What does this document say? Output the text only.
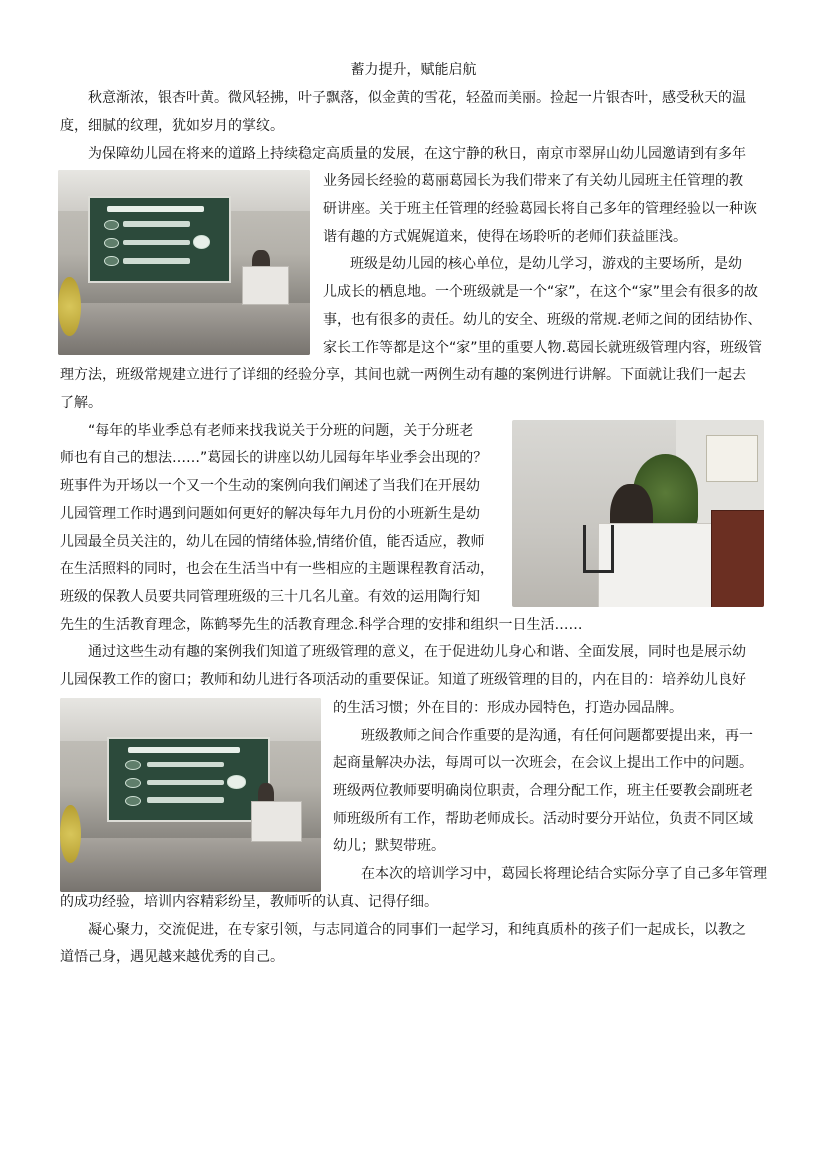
蓄力提升，赋能启航
秋意渐浓，银杏叶黄。微风轻拂，叶子飘落，似金黄的雪花，轻盈而美丽。捡起一片银杏叶，感受秋天的温
度，细腻的纹理，犹如岁月的掌纹。
为保障幼儿园在将来的道路上持续稳定高质量的发展，在这宁静的秋日，南京市翠屏山幼儿园邀请到有多年
业务园长经验的葛丽葛园长为我们带来了有关幼儿园班主任管理的教
研讲座。关于班主任管理的经验葛园长将自己多年的管理经验以一种诙
谐有趣的方式娓娓道来，使得在场聆听的老师们获益匪浅。
班级是幼儿园的核心单位，是幼儿学习，游戏的主要场所，是幼
儿成长的栖息地。一个班级就是一个“家”，在这个“家”里会有很多的故
事，也有很多的责任。幼儿的安全、班级的常规.老师之间的团结协作、
家长工作等都是这个“家”里的重要人物.葛园长就班级管理内容，班级管
理方法，班级常规建立进行了详细的经验分享，其间也就一两例生动有趣的案例进行讲解。下面就让我们一起去
了解。
“每年的毕业季总有老师来找我说关于分班的问题，关于分班老
师也有自己的想法……”葛园长的讲座以幼儿园每年毕业季会出现的？
班事件为开场以一个又一个生动的案例向我们阐述了当我们在开展幼
儿园管理工作时遇到问题如何更好的解决每年九月份的小班新生是幼
儿园最全员关注的，幼儿在园的情绪体验,情绪价值，能否适应，教师
在生活照料的同时，也会在生活当中有一些相应的主题课程教育活动，
班级的保教人员要共同管理班级的三十几名儿童。有效的运用陶行知
先生的生活教育理念，陈鹤琴先生的活教育理念.科学合理的安排和组织一日生活……
通过这些生动有趣的案例我们知道了班级管理的意义，在于促进幼儿身心和谐、全面发展，同时也是展示幼
儿园保教工作的窗口；教师和幼儿进行各项活动的重要保证。知道了班级管理的目的，内在目的：培养幼儿良好
的生活习惯；外在目的：形成办园特色，打造办园品牌。
班级教师之间合作重要的是沟通，有任何问题都要提出来，再一
起商量解决办法，每周可以一次班会，在会议上提出工作中的问题。
班级两位教师要明确岗位职责，合理分配工作，班主任要教会副班老
师班级所有工作，帮助老师成长。活动时要分开站位，负责不同区域
幼儿；默契带班。
在本次的培训学习中，葛园长将理论结合实际分享了自己多年管理
的成功经验，培训内容精彩纷呈，教师听的认真、记得仔细。
凝心聚力，交流促进，在专家引领，与志同道合的同事们一起学习，和纯真质朴的孩子们一起成长，以教之
道悟己身，遇见越来越优秀的自己。
